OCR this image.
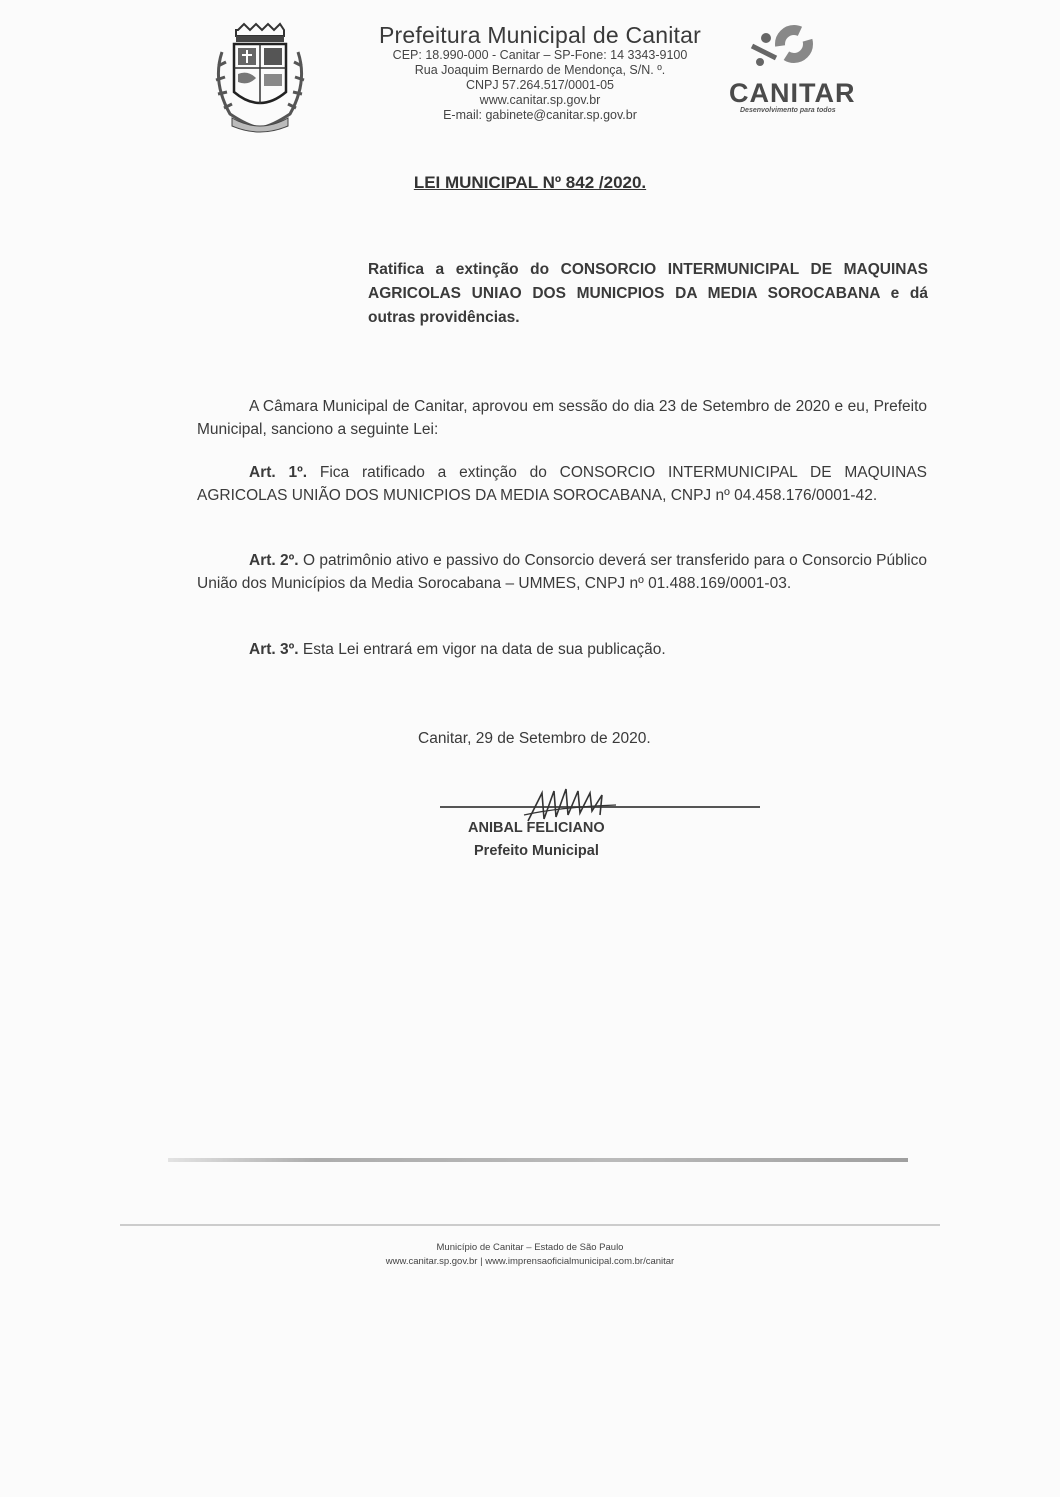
Prefeitura Municipal de Canitar
CEP: 18.990-000 - Canitar – SP-Fone: 14 3343-9100
Rua Joaquim Bernardo de Mendonça, S/N. º.
CNPJ 57.264.517/0001-05
www.canitar.sp.gov.br
E-mail: gabinete@canitar.sp.gov.br
CANITAR
Desenvolvimento para todos
LEI MUNICIPAL Nº 842 /2020.
Ratifica a extinção do CONSORCIO INTERMUNICIPAL DE MAQUINAS AGRICOLAS UNIAO DOS MUNICPIOS DA MEDIA SOROCABANA e dá outras providências.
A Câmara Municipal de Canitar, aprovou em sessão do dia 23 de Setembro de 2020 e eu, Prefeito Municipal, sanciono a seguinte Lei:
Art. 1º. Fica ratificado a extinção do CONSORCIO INTERMUNICIPAL DE MAQUINAS AGRICOLAS UNIÃO DOS MUNICPIOS DA MEDIA SOROCABANA, CNPJ nº 04.458.176/0001-42.
Art. 2º. O patrimônio ativo e passivo do Consorcio deverá ser transferido para o Consorcio Público União dos Municípios da Media Sorocabana – UMMES, CNPJ nº 01.488.169/0001-03.
Art. 3º. Esta Lei entrará em vigor na data de sua publicação.
Canitar, 29 de Setembro de 2020.
ANIBAL FELICIANO
Prefeito Municipal
Município de Canitar – Estado de São Paulo
www.canitar.sp.gov.br | www.imprensaoficialmunicipal.com.br/canitar
